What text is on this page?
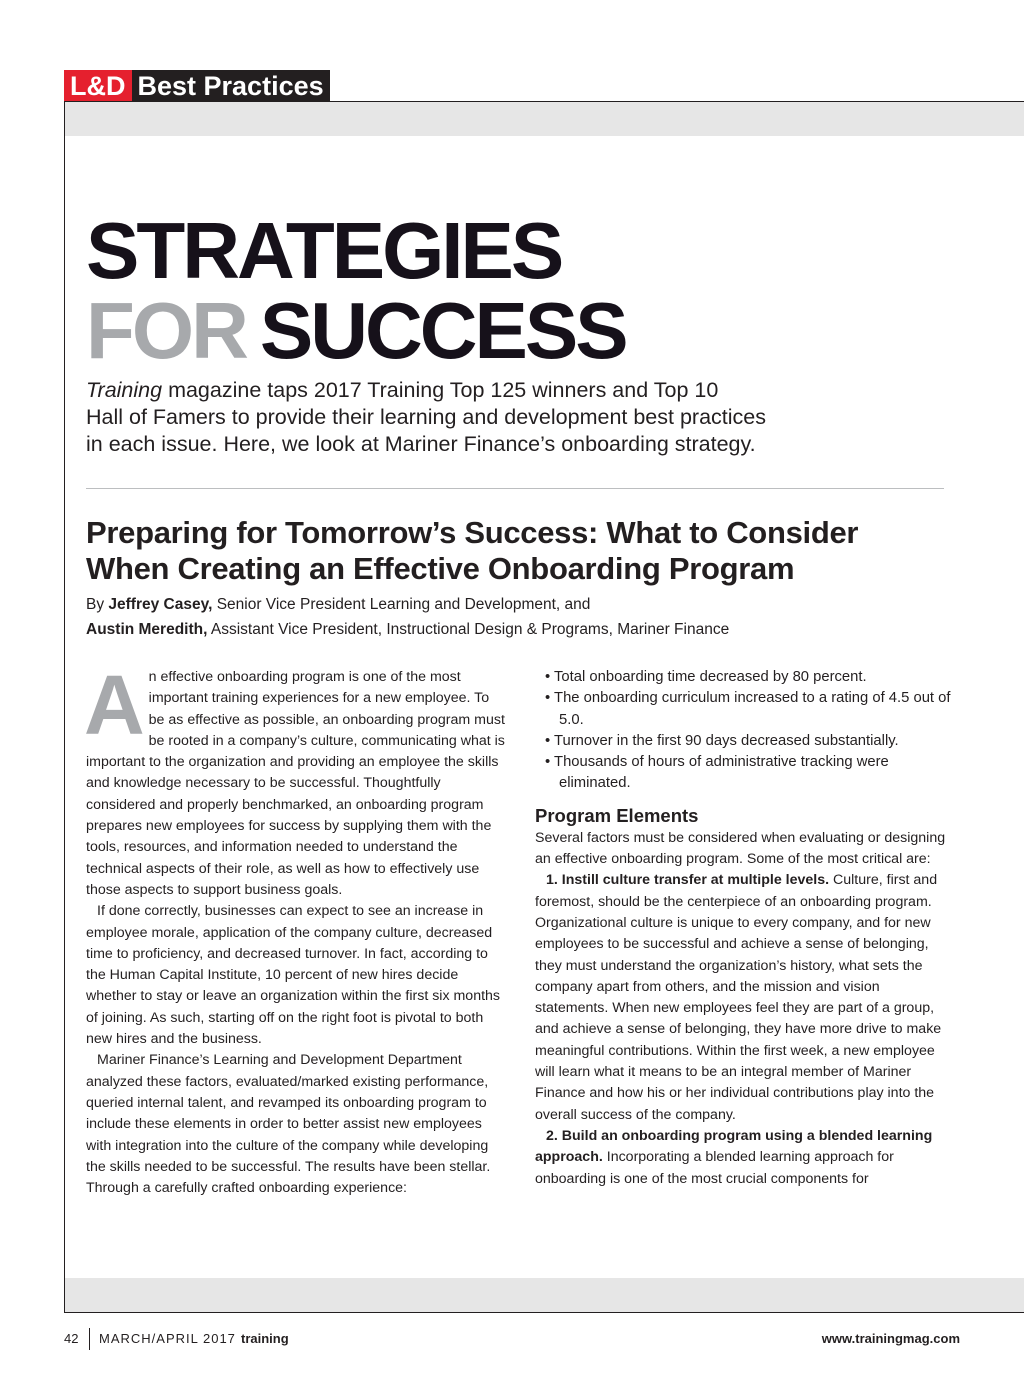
L&D Best Practices
STRATEGIES
FOR SUCCESS
Training magazine taps 2017 Training Top 125 winners and Top 10
Hall of Famers to provide their learning and development best practices
in each issue. Here, we look at Mariner Finance’s onboarding strategy.
Preparing for Tomorrow’s Success: What to Consider
When Creating an Effective Onboarding Program
By Jeffrey Casey, Senior Vice President Learning and Development, and
Austin Meredith, Assistant Vice President, Instructional Design & Programs, Mariner Finance

An effective onboarding program is one of the most important training experiences for a new employee. To be as effective as possible, an onboarding program must be rooted in a company’s culture, communicating what is important to the organization and providing an employee the skills and knowledge necessary to be successful. Thoughtfully considered and properly benchmarked, an onboarding program prepares new employees for success by supplying them with the tools, resources, and information needed to understand the technical aspects of their role, as well as how to effectively use those aspects to support business goals.

If done correctly, businesses can expect to see an increase in employee morale, application of the company culture, decreased time to proficiency, and decreased turnover. In fact, according to the Human Capital Institute, 10 percent of new hires decide whether to stay or leave an organization within the first six months of joining. As such, starting off on the right foot is pivotal to both new hires and the business.

Mariner Finance’s Learning and Development Department analyzed these factors, evaluated/marked existing performance, queried internal talent, and revamped its onboarding program to include these elements in order to better assist new employees with integration into the culture of the company while developing the skills needed to be successful. The results have been stellar. Through a carefully crafted onboarding experience:

• Total onboarding time decreased by 80 percent.
• The onboarding curriculum increased to a rating of 4.5 out of 5.0.
• Turnover in the first 90 days decreased substantially.
• Thousands of hours of administrative tracking were eliminated.
Program Elements

Several factors must be considered when evaluating or designing an effective onboarding program. Some of the most critical are:

1. Instill culture transfer at multiple levels. Culture, first and foremost, should be the centerpiece of an onboarding program. Organizational culture is unique to every company, and for new employees to be successful and achieve a sense of belonging, they must understand the organization’s history, what sets the company apart from others, and the mission and vision statements. When new employees feel they are part of a group, and achieve a sense of belonging, they have more drive to make meaningful contributions. Within the first week, a new employee will learn what it means to be an integral member of Mariner Finance and how his or her individual contributions play into the overall success of the company.

2. Build an onboarding program using a blended learning approach. Incorporating a blended learning approach for onboarding is one of the most crucial components for

42 MARCH/APRIL 2017 training	www.trainingmag.com
